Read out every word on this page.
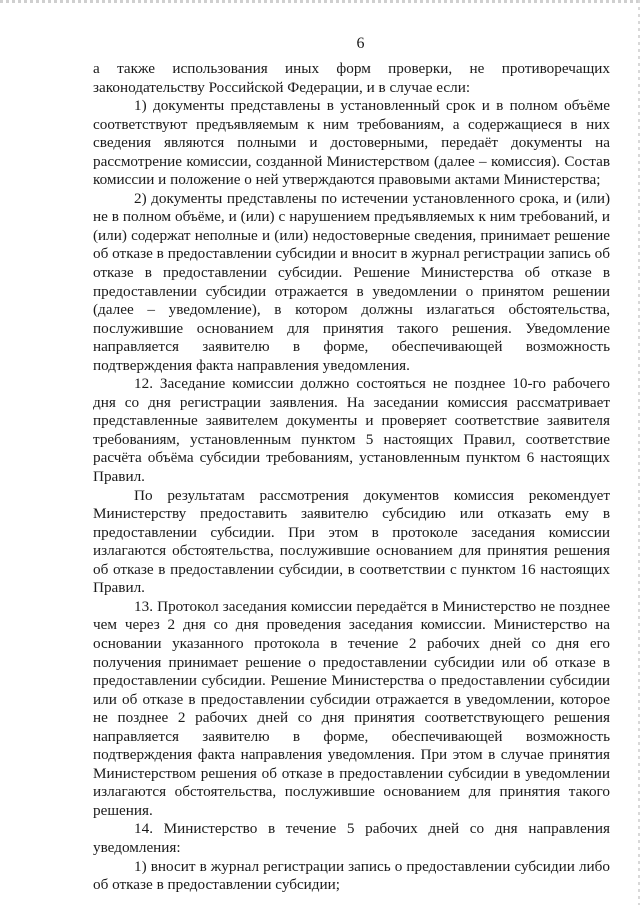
6

а также использования иных форм проверки, не противоречащих законодательству Российской Федерации, и в случае если:

1) документы представлены в установленный срок и в полном объёме соответствуют предъявляемым к ним требованиям, а содержащиеся в них сведения являются полными и достоверными, передаёт документы на рассмотрение комиссии, созданной Министерством (далее – комиссия). Состав комиссии и положение о ней утверждаются правовыми актами Министерства;

2) документы представлены по истечении установленного срока, и (или) не в полном объёме, и (или) с нарушением предъявляемых к ним требований, и (или) содержат неполные и (или) недостоверные сведения, принимает решение об отказе в предоставлении субсидии и вносит в журнал регистрации запись об отказе в предоставлении субсидии. Решение Министерства об отказе в предоставлении субсидии отражается в уведомлении о принятом решении (далее – уведомление), в котором должны излагаться обстоятельства, послужившие основанием для принятия такого решения. Уведомление направляется заявителю в форме, обеспечивающей возможность подтверждения факта направления уведомления.

12. Заседание комиссии должно состояться не позднее 10-го рабочего дня со дня регистрации заявления. На заседании комиссия рассматривает представленные заявителем документы и проверяет соответствие заявителя требованиям, установленным пунктом 5 настоящих Правил, соответствие расчёта объёма субсидии требованиям, установленным пунктом 6 настоящих Правил.

По результатам рассмотрения документов комиссия рекомендует Министерству предоставить заявителю субсидию или отказать ему в предоставлении субсидии. При этом в протоколе заседания комиссии излагаются обстоятельства, послужившие основанием для принятия решения об отказе в предоставлении субсидии, в соответствии с пунктом 16 настоящих Правил.

13. Протокол заседания комиссии передаётся в Министерство не позднее чем через 2 дня со дня проведения заседания комиссии. Министерство на основании указанного протокола в течение 2 рабочих дней со дня его получения принимает решение о предоставлении субсидии или об отказе в предоставлении субсидии. Решение Министерства о предоставлении субсидии или об отказе в предоставлении субсидии отражается в уведомлении, которое не позднее 2 рабочих дней со дня принятия соответствующего решения направляется заявителю в форме, обеспечивающей возможность подтверждения факта направления уведомления. При этом в случае принятия Министерством решения об отказе в предоставлении субсидии в уведомлении излагаются обстоятельства, послужившие основанием для принятия такого решения.

14. Министерство в течение 5 рабочих дней со дня направления уведомления:

1) вносит в журнал регистрации запись о предоставлении субсидии либо об отказе в предоставлении субсидии;
